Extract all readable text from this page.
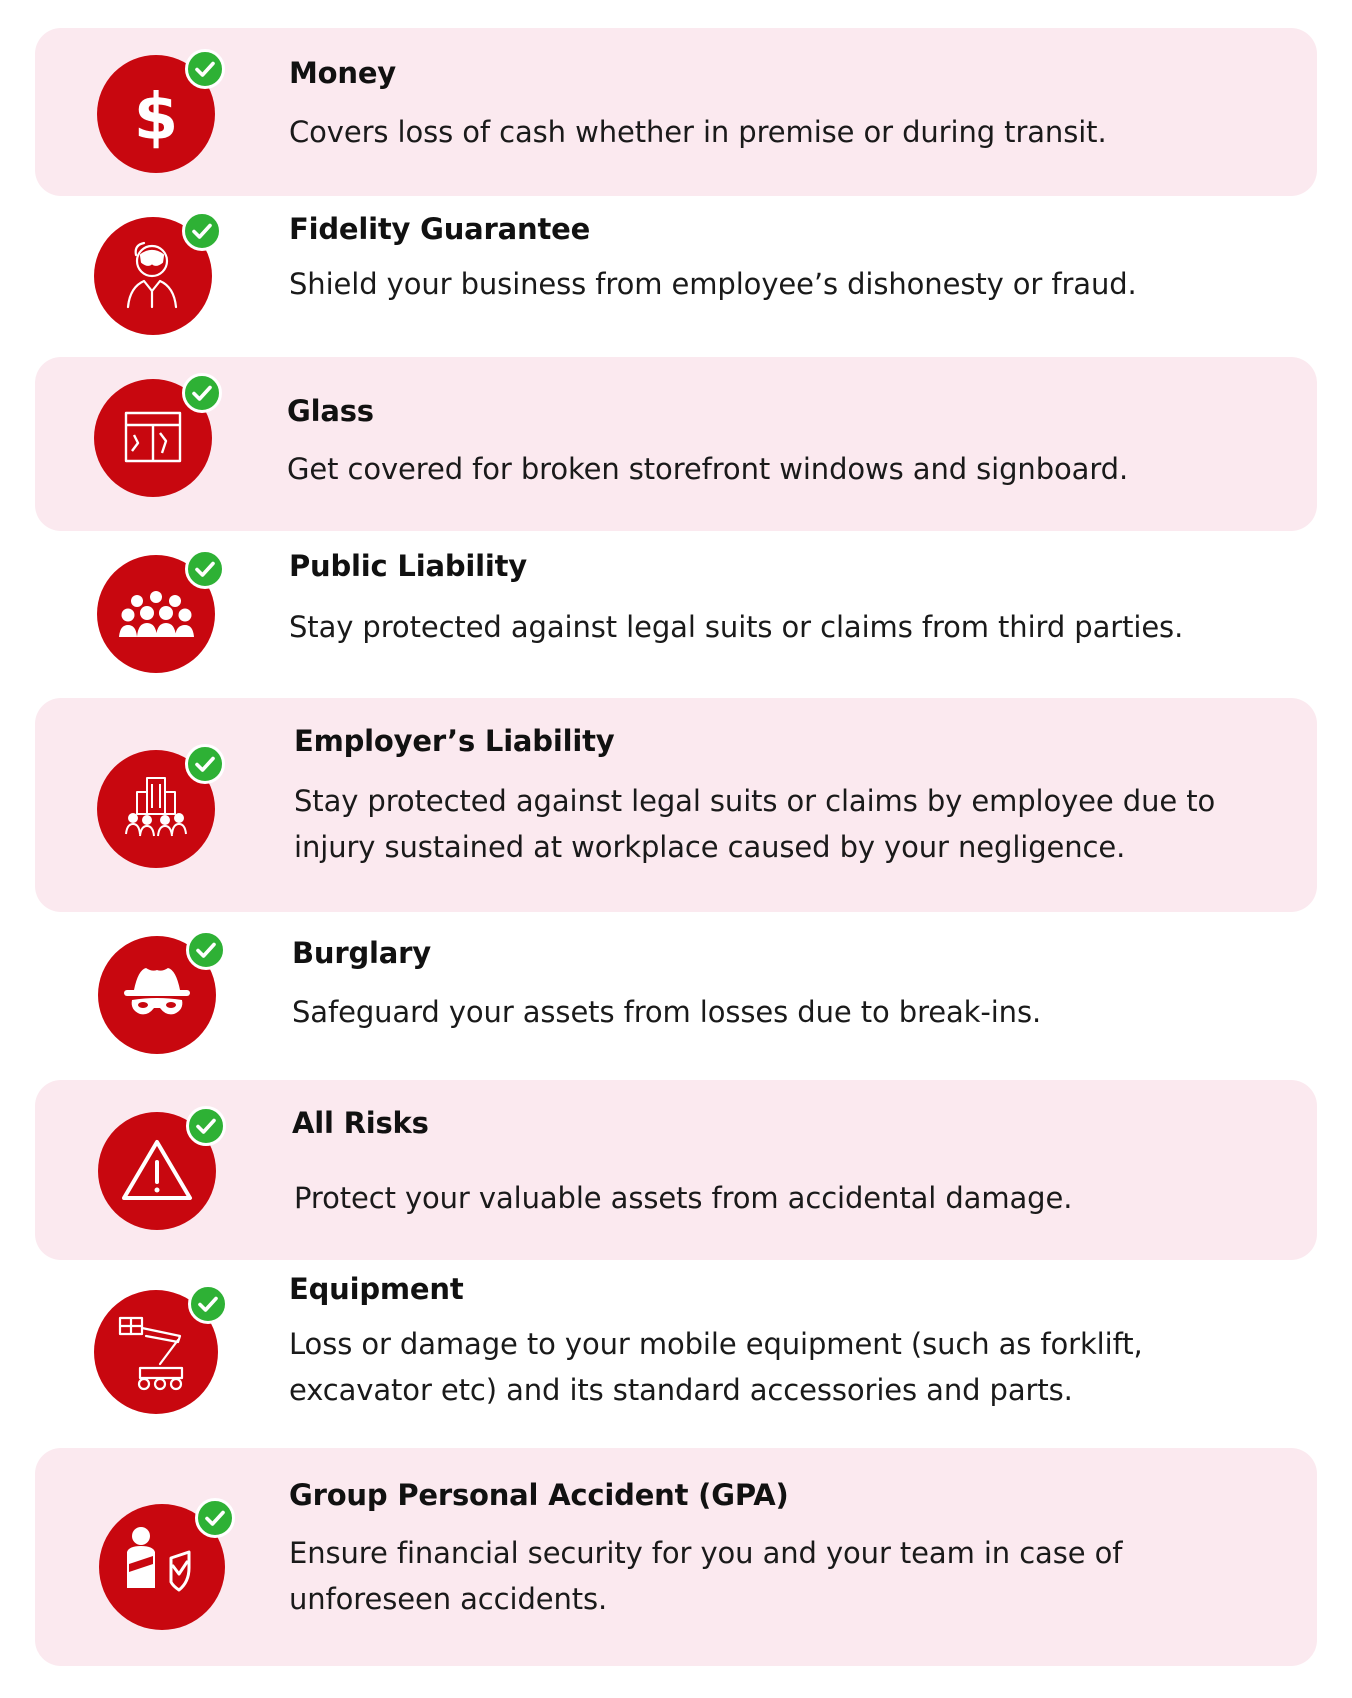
$
Money
Covers loss of cash whether in premise or during transit.
Fidelity Guarantee
Shield your business from employee’s dishonesty or fraud.
Glass
Get covered for broken storefront windows and signboard.
Public Liability
Stay protected against legal suits or claims from third parties.
Employer’s Liability
Stay protected against legal suits or claims by employee due to injury sustained at workplace caused by your negligence.
Burglary
Safeguard your assets from losses due to break-ins.
All Risks
Protect your valuable assets from accidental damage.
Equipment
Loss or damage to your mobile equipment (such as forklift, excavator etc) and its standard accessories and parts.
Group Personal Accident (GPA)
Ensure financial security for you and your team in case of unforeseen accidents.
